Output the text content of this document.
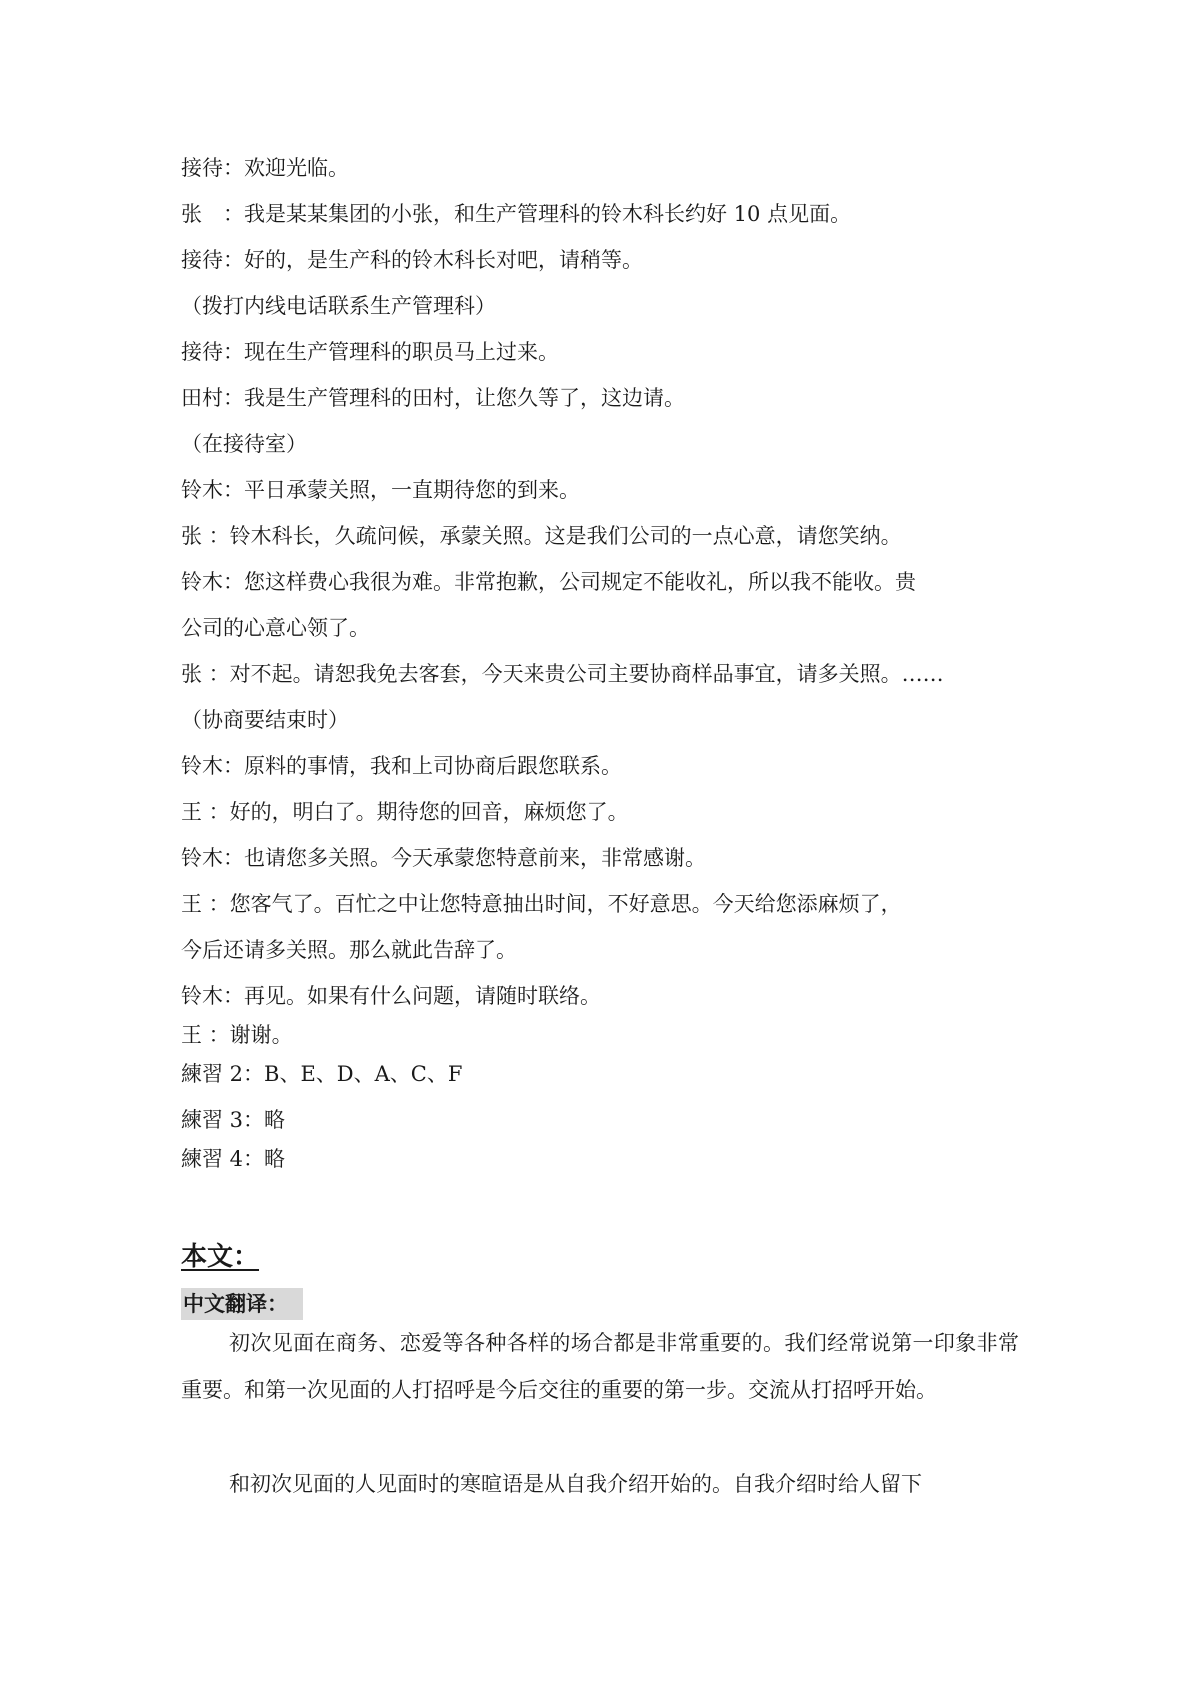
接待：欢迎光临。
张　：我是某某集团的小张，和生产管理科的铃木科长约好 10 点见面。
接待：好的，是生产科的铃木科长对吧，请稍等。
（拨打内线电话联系生产管理科）
接待：现在生产管理科的职员马上过来。
田村：我是生产管理科的田村，让您久等了，这边请。
（在接待室）
铃木：平日承蒙关照，一直期待您的到来。
张 ：铃木科长，久疏问候，承蒙关照。这是我们公司的一点心意，请您笑纳。
铃木：您这样费心我很为难。非常抱歉，公司规定不能收礼，所以我不能收。贵
公司的心意心领了。
张 ：对不起。请恕我免去客套，今天来贵公司主要协商样品事宜，请多关照。……
（协商要结束时）
铃木：原料的事情，我和上司协商后跟您联系。
王 ：好的，明白了。期待您的回音，麻烦您了。
铃木：也请您多关照。今天承蒙您特意前来，非常感谢。
王 ：您客气了。百忙之中让您特意抽出时间，不好意思。今天给您添麻烦了，
今后还请多关照。那么就此告辞了。
铃木：再见。如果有什么问题，请随时联络。
王 ：谢谢。
練習 2：B、E、D、A、C、F
練習 3：略
練習 4：略
本文：
中文翻译：
初次见面在商务、恋爱等各种各样的场合都是非常重要的。我们经常说第一印象非常重要。和第一次见面的人打招呼是今后交往的重要的第一步。交流从打招呼开始。
和初次见面的人见面时的寒暄语是从自我介绍开始的。自我介绍时给人留下
